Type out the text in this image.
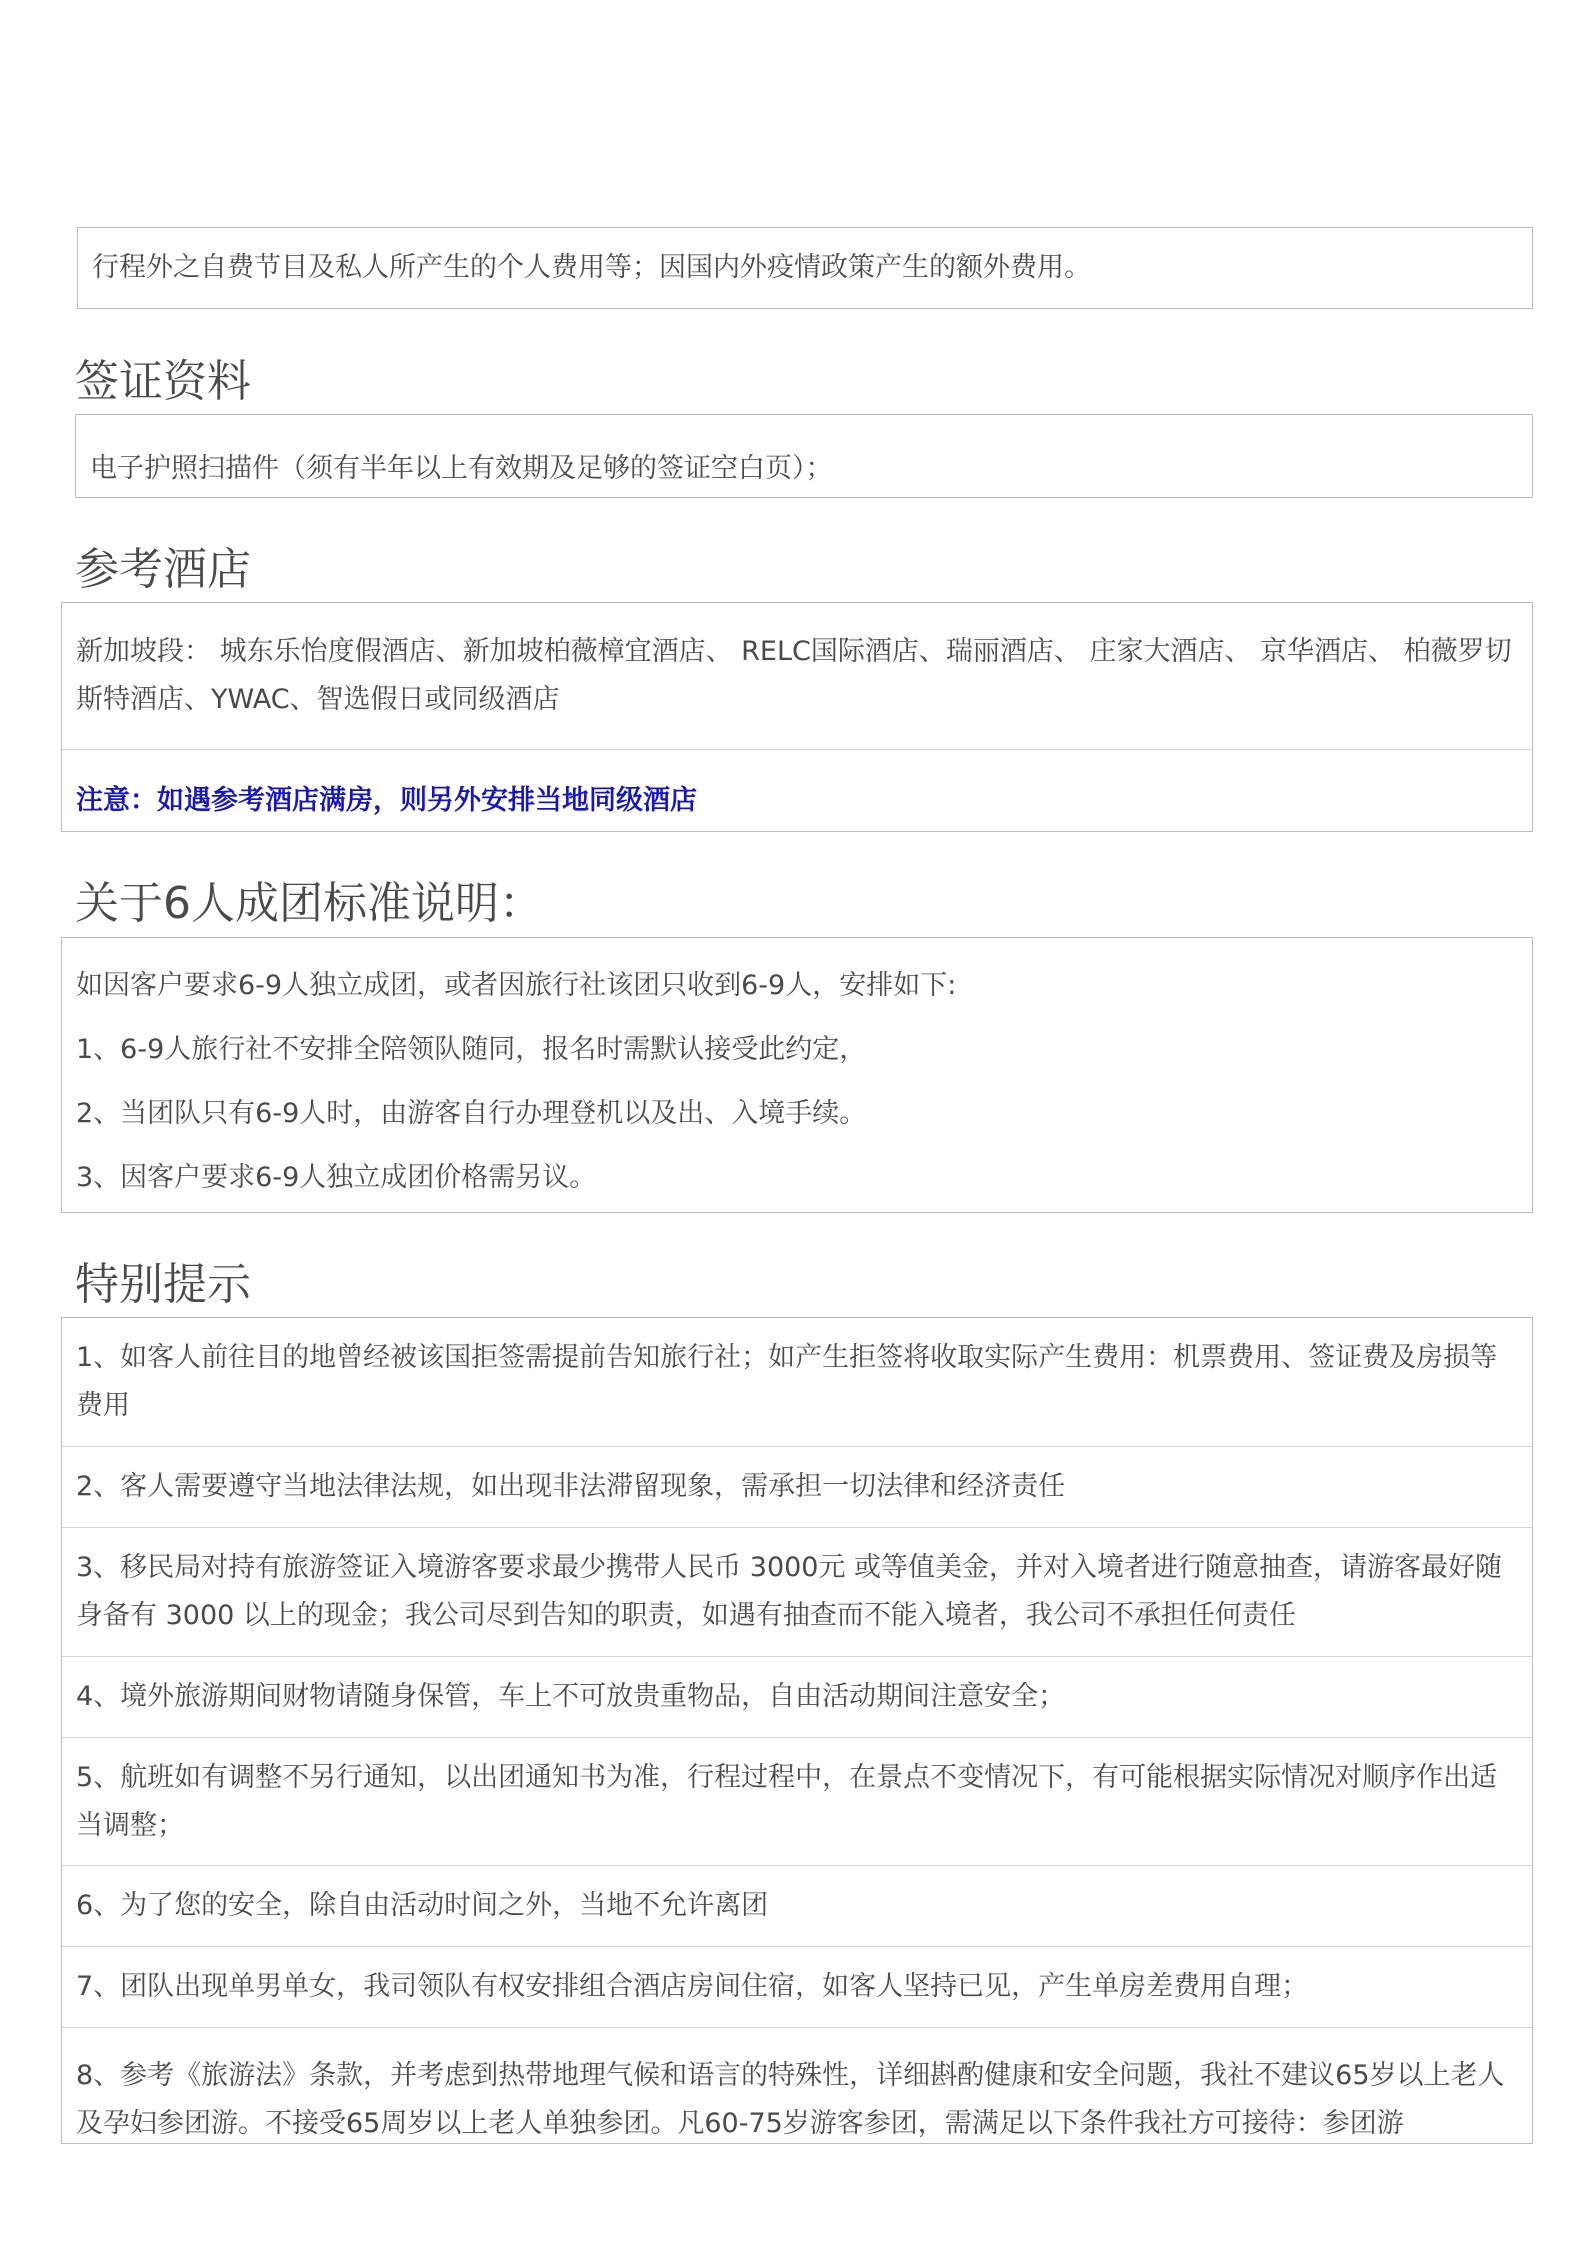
行程外之自费节目及私人所产生的个人费用等；因国内外疫情政策产生的额外费用。
签证资料
电子护照扫描件（须有半年以上有效期及足够的签证空白页）；
参考酒店
新加坡段： 城东乐怡度假酒店、新加坡柏薇樟宜酒店、 RELC国际酒店、瑞丽酒店、 庄家大酒店、 京华酒店、 柏薇罗切斯特酒店、YWAC、智选假日或同级酒店
注意：如遇参考酒店满房，则另外安排当地同级酒店
关于6人成团标准说明：

如因客户要求6-9人独立成团，或者因旅行社该团只收到6-9人，安排如下:

1、6-9人旅行社不安排全陪领队随同，报名时需默认接受此约定，

2、当团队只有6-9人时，由游客自行办理登机以及出、入境手续。

3、因客户要求6-9人独立成团价格需另议。

特别提示
1、如客人前往目的地曾经被该国拒签需提前告知旅行社；如产生拒签将收取实际产生费用：机票费用、签证费及房损等费用
2、客人需要遵守当地法律法规，如出现非法滞留现象，需承担一切法律和经济责任
3、移民局对持有旅游签证入境游客要求最少携带人民币 3000元 或等值美金，并对入境者进行随意抽查，请游客最好随身备有 3000 以上的现金；我公司尽到告知的职责，如遇有抽查而不能入境者，我公司不承担任何责任
4、境外旅游期间财物请随身保管，车上不可放贵重物品，自由活动期间注意安全；
5、航班如有调整不另行通知，以出团通知书为准，行程过程中，在景点不变情况下，有可能根据实际情况对顺序作出适当调整；
6、为了您的安全，除自由活动时间之外，当地不允许离团
7、团队出现单男单女，我司领队有权安排组合酒店房间住宿，如客人坚持已见，产生单房差费用自理；
8、参考《旅游法》条款，并考虑到热带地理气候和语言的特殊性，详细斟酌健康和安全问题，我社不建议65岁以上老人及孕妇参团游。不接受65周岁以上老人单独参团。凡60-75岁游客参团，需满足以下条件我社方可接待：参团游
